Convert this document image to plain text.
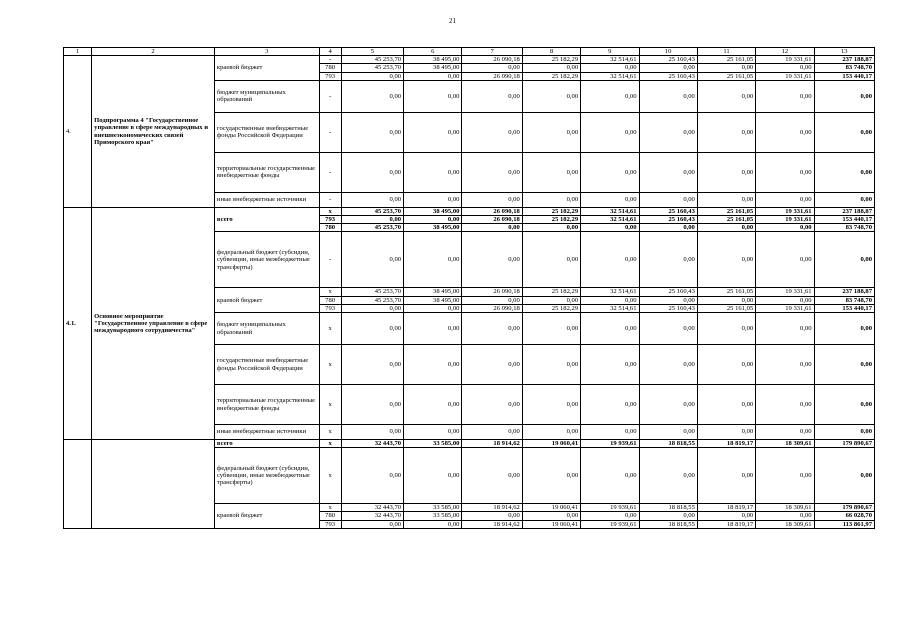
21
1	2	3	4	5	6	7	8	9	10	11	12	13
4.	Подпрограмма 4 "Государственное управление в сфере международных и внешнеэкономических связей Приморского края"	краевой бюджет	-	45 253,70	38 495,00	26 090,18	25 182,29	32 514,61	25 160,43	25 161,05	19 331,61	237 188,87
			780	45 253,70	38 495,00	0,00	0,00	0,00	0,00	0,00	0,00	83 748,70
			793	0,00	0,00	26 090,18	25 182,29	32 514,61	25 160,43	25 161,05	19 331,61	153 440,17
		бюджет муниципальных образований	-	0,00	0,00	0,00	0,00	0,00	0,00	0,00	0,00	0,00
		государственные внебюджетные фонды Российской Федерации	-	0,00	0,00	0,00	0,00	0,00	0,00	0,00	0,00	0,00
		территориальные государственные внебюджетные фонды	-	0,00	0,00	0,00	0,00	0,00	0,00	0,00	0,00	0,00
		иные внебюджетные источники	-	0,00	0,00	0,00	0,00	0,00	0,00	0,00	0,00	0,00
4.1.	Основное мероприятие "Государственное управление в сфере международного сотрудничества"	всего	х	45 253,70	38 495,00	26 090,18	25 182,29	32 514,61	25 160,43	25 161,05	19 331,61	237 188,87
			793	0,00	0,00	26 090,18	25 182,29	32 514,61	25 160,43	25 161,05	19 331,61	153 440,17
			780	45 253,70	38 495,00	0,00	0,00	0,00	0,00	0,00	0,00	83 748,70
		федеральный бюджет (субсидии, субвенции, иные межбюджетные трансферты)	-	0,00	0,00	0,00	0,00	0,00	0,00	0,00	0,00	0,00
		краевой бюджет	х	45 253,70	38 495,00	26 090,18	25 182,29	32 514,61	25 160,43	25 161,05	19 331,61	237 188,87
			780	45 253,70	38 495,00	0,00	0,00	0,00	0,00	0,00	0,00	83 748,70
			793	0,00	0,00	26 090,18	25 182,29	32 514,61	25 160,43	25 161,05	19 331,61	153 440,17
		бюджет муниципальных образований	х	0,00	0,00	0,00	0,00	0,00	0,00	0,00	0,00	0,00
		государственные внебюджетные фонды Российской Федерации	х	0,00	0,00	0,00	0,00	0,00	0,00	0,00	0,00	0,00
		территориальные государственные внебюджетные фонды	х	0,00	0,00	0,00	0,00	0,00	0,00	0,00	0,00	0,00
		иные внебюджетные источники	х	0,00	0,00	0,00	0,00	0,00	0,00	0,00	0,00	0,00
		всего	х	32 443,70	33 585,00	18 914,62	19 060,41	19 939,61	18 818,55	18 819,17	18 309,61	179 890,67
		федеральный бюджет (субсидии, субвенции, иные межбюджетные трансферты)	х	0,00	0,00	0,00	0,00	0,00	0,00	0,00	0,00	0,00
		краевой бюджет	х	32 443,70	33 585,00	18 914,62	19 060,41	19 939,61	18 818,55	18 819,17	18 309,61	179 890,67
			780	32 443,70	33 585,00	0,00	0,00	0,00	0,00	0,00	0,00	66 028,70
			793	0,00	0,00	18 914,62	19 060,41	19 939,61	18 818,55	18 819,17	18 309,61	113 861,97
